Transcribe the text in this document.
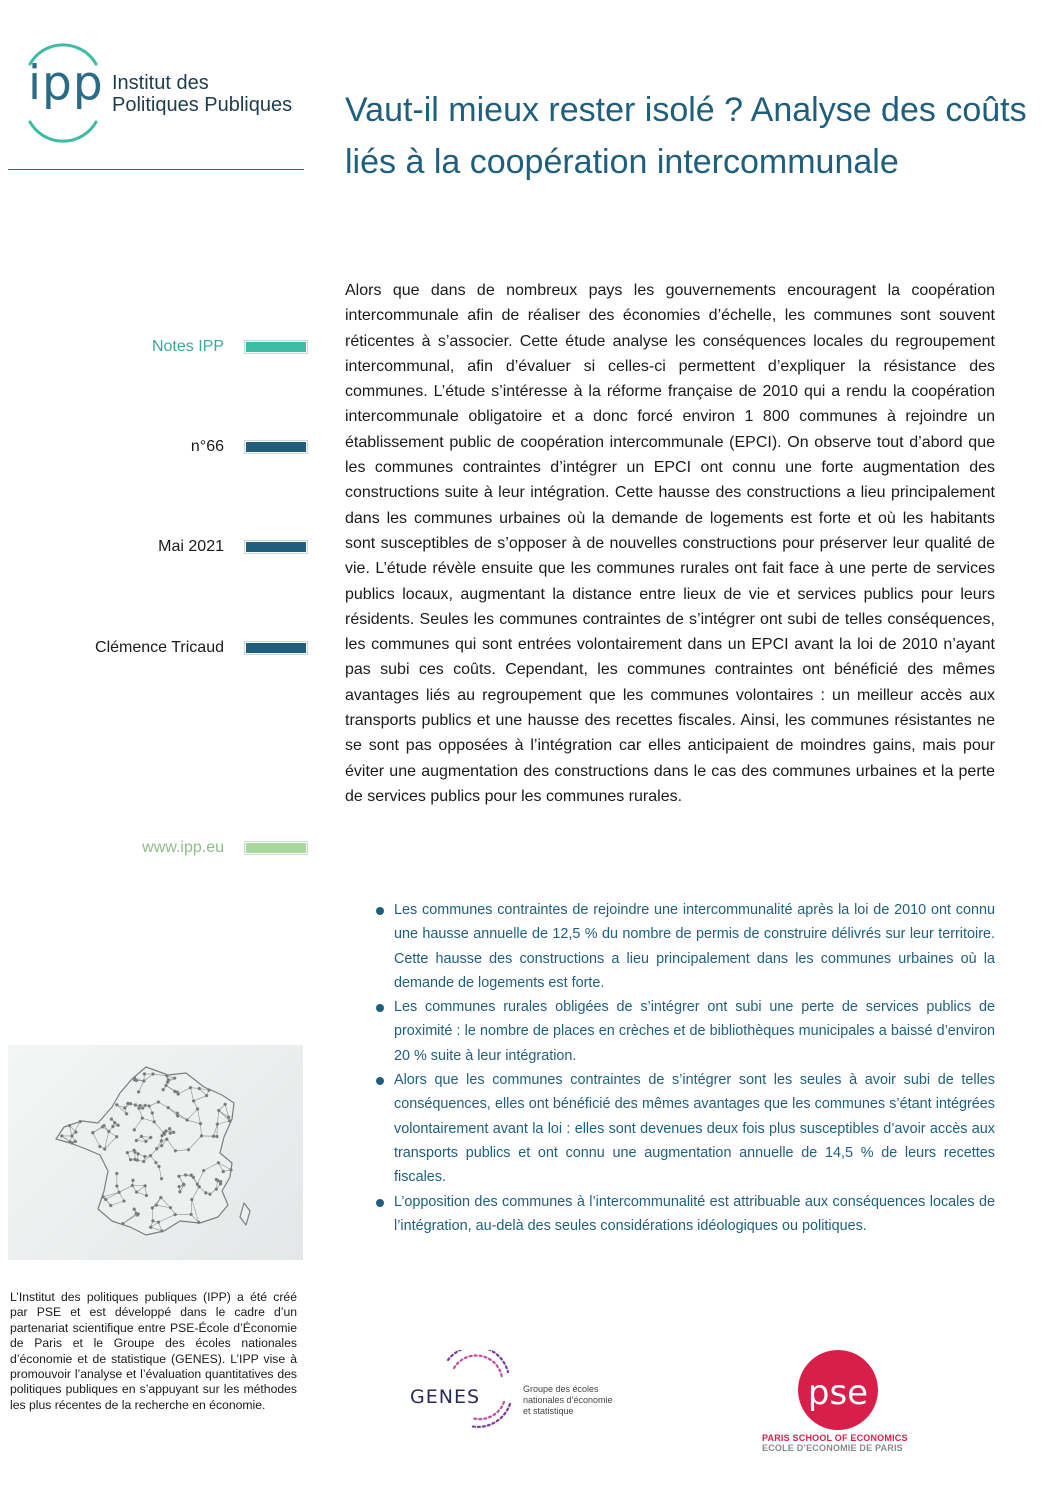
ipp Institut des
Politiques Publiques Vaut-il mieux rester isolé ? Analyse des coûts liés à la coopération intercommunale
Notes IPP
n°66
Mai 2021
Clémence Tricaud
www.ipp.eu
Alors que dans de nombreux pays les gouvernements encouragent la coopération intercommunale afin de réaliser des économies d’échelle, les communes sont souvent réticentes à s’associer. Cette étude analyse les conséquences locales du regroupement intercommunal, afin d’évaluer si celles-ci permettent d’expliquer la résistance des communes. L’étude s’intéresse à la réforme française de 2010 qui a rendu la coopération intercommunale obligatoire et a donc forcé environ 1 800 communes à rejoindre un établissement public de coopération intercommunale (EPCI). On observe tout d’abord que les communes contraintes d’intégrer un EPCI ont connu une forte augmentation des constructions suite à leur intégration. Cette hausse des constructions a lieu principalement dans les communes urbaines où la demande de logements est forte et où les habitants sont susceptibles de s’opposer à de nouvelles constructions pour préserver leur qualité de vie. L’étude révèle ensuite que les communes rurales ont fait face à une perte de services publics locaux, augmentant la distance entre lieux de vie et services publics pour leurs résidents. Seules les communes contraintes de s’intégrer ont subi de telles conséquences, les communes qui sont entrées volontairement dans un EPCI avant la loi de 2010 n’ayant pas subi ces coûts. Cependant, les communes contraintes ont bénéficié des mêmes avantages liés au regroupement que les communes volontaires : un meilleur accès aux transports publics et une hausse des recettes fiscales. Ainsi, les communes résistantes ne se sont pas opposées à l’intégration car elles anticipaient de moindres gains, mais pour éviter une augmentation des constructions dans le cas des communes urbaines et la perte de services publics pour les communes rurales.
Les communes contraintes de rejoindre une intercommunalité après la loi de 2010 ont connu une hausse annuelle de 12,5 % du nombre de permis de construire délivrés sur leur territoire. Cette hausse des constructions a lieu principalement dans les communes urbaines où la demande de logements est forte.
Les communes rurales obligées de s’intégrer ont subi une perte de services publics de proximité : le nombre de places en crèches et de bibliothèques municipales a baissé d’environ 20 % suite à leur intégration.
Alors que les communes contraintes de s’intégrer sont les seules à avoir subi de telles conséquences, elles ont bénéficié des mêmes avantages que les communes s’étant intégrées volontairement avant la loi : elles sont devenues deux fois plus susceptibles d’avoir accès aux transports publics et ont connu une augmentation annuelle de 14,5 % de leurs recettes fiscales.
L’opposition des communes à l’intercommunalité est attribuable aux conséquences locales de l’intégration, au-delà des seules considérations idéologiques ou politiques.
L’Institut des politiques publiques (IPP) a été créé par PSE et est développé dans le cadre d’un partenariat scientifique entre PSE-École d’Économie de Paris et le Groupe des écoles nationales d’économie et de statistique (GENES). L’IPP vise à promouvoir l’analyse et l’évaluation quantitatives des politiques publiques en s’appuyant sur les méthodes les plus récentes de la recherche en économie.	GENES	Groupe des écoles
nationales d’économie
et statistique	pse
PARIS SCHOOL OF ECONOMICS
ECOLE D’ECONOMIE DE PARIS
